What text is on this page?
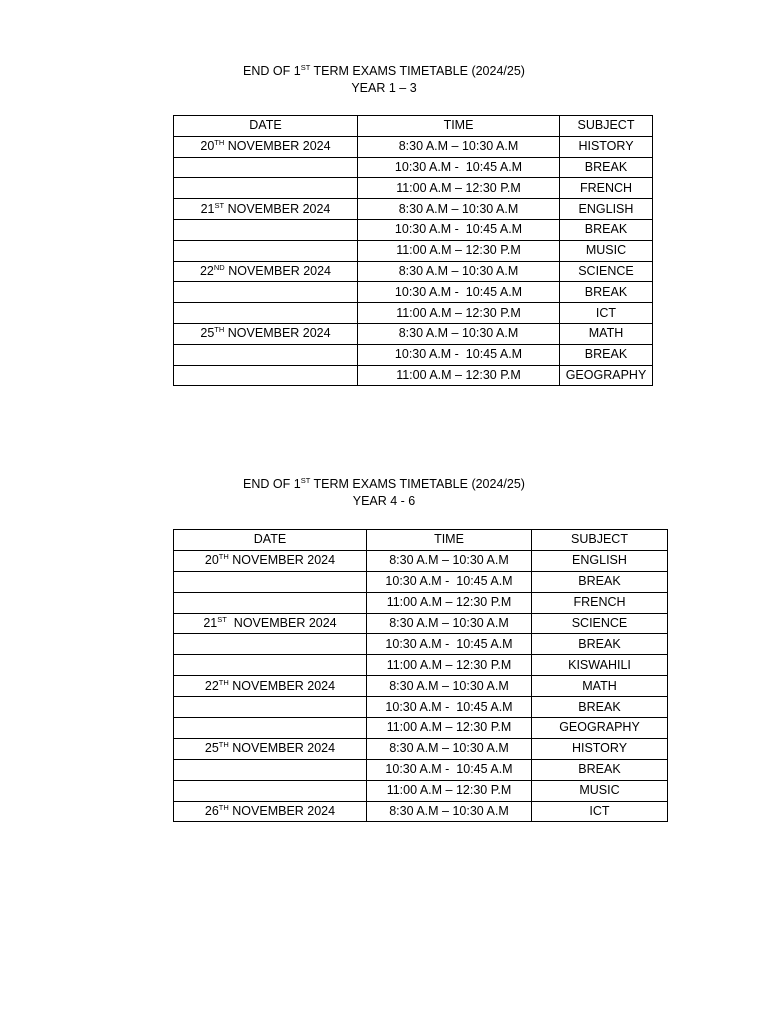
END OF 1ST TERM EXAMS TIMETABLE (2024/25)
YEAR 1 – 3
DATE	TIME	SUBJECT
20TH NOVEMBER 2024	8:30 A.M – 10:30 A.M	HISTORY
	10:30 A.M -  10:45 A.M	BREAK
	11:00 A.M – 12:30 P.M	FRENCH
21ST NOVEMBER 2024	8:30 A.M – 10:30 A.M	ENGLISH
	10:30 A.M -  10:45 A.M	BREAK
	11:00 A.M – 12:30 P.M	MUSIC
22ND NOVEMBER 2024	8:30 A.M – 10:30 A.M	SCIENCE
	10:30 A.M -  10:45 A.M	BREAK
	11:00 A.M – 12:30 P.M	ICT
25TH NOVEMBER 2024	8:30 A.M – 10:30 A.M	MATH
	10:30 A.M -  10:45 A.M	BREAK
	11:00 A.M – 12:30 P.M	GEOGRAPHY
END OF 1ST TERM EXAMS TIMETABLE (2024/25)
YEAR 4 - 6
DATE	TIME	SUBJECT
20TH NOVEMBER 2024	8:30 A.M – 10:30 A.M	ENGLISH
	10:30 A.M -  10:45 A.M	BREAK
	11:00 A.M – 12:30 P.M	FRENCH
21ST  NOVEMBER 2024	8:30 A.M – 10:30 A.M	SCIENCE
	10:30 A.M -  10:45 A.M	BREAK
	11:00 A.M – 12:30 P.M	KISWAHILI
22TH NOVEMBER 2024	8:30 A.M – 10:30 A.M	MATH
	10:30 A.M -  10:45 A.M	BREAK
	11:00 A.M – 12:30 P.M	GEOGRAPHY
25TH NOVEMBER 2024	8:30 A.M – 10:30 A.M	HISTORY
	10:30 A.M -  10:45 A.M	BREAK
	11:00 A.M – 12:30 P.M	MUSIC
26TH NOVEMBER 2024	8:30 A.M – 10:30 A.M	ICT
